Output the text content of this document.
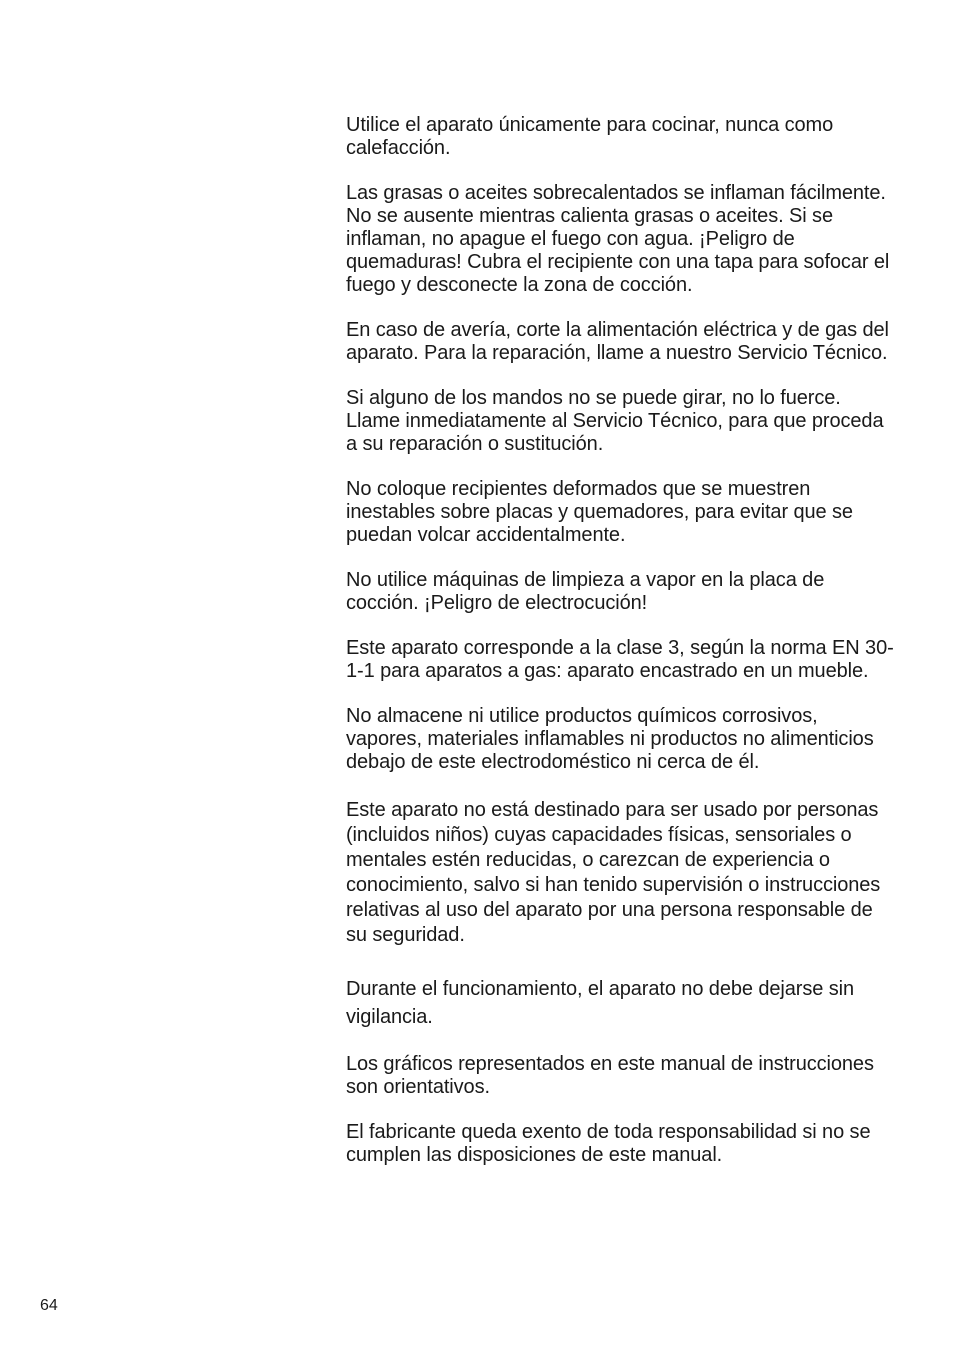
Utilice el aparato únicamente para cocinar, nunca como calefacción.

Las grasas o aceites sobrecalentados se inflaman fácilmente. No se ausente mientras calienta grasas o aceites. Si se inflaman, no apague el fuego con agua. ¡Peligro de quemaduras! Cubra el recipiente con una tapa para sofocar el fuego y desconecte la zona de cocción.

En caso de avería, corte la alimentación eléctrica y de gas del aparato. Para la reparación, llame a nuestro Servicio Técnico.

Si alguno de los mandos no se puede girar, no lo fuerce. Llame inmediatamente al Servicio Técnico, para que proceda a su reparación o sustitución.

No coloque recipientes deformados que se muestren inestables sobre placas y quemadores, para evitar que se puedan volcar accidentalmente.

No utilice máquinas de limpieza a vapor en la placa de cocción. ¡Peligro de electrocución!

Este aparato corresponde a la clase 3, según la norma EN 30-1-1 para aparatos a gas: aparato encastrado en un mueble.

No almacene ni utilice productos químicos corrosivos, vapores, materiales inflamables ni productos no alimenticios debajo de este electrodoméstico ni cerca de él.

Este aparato no está destinado para ser usado por personas (incluidos niños) cuyas capacidades físicas, sensoriales o mentales estén reducidas, o carezcan de experiencia o conocimiento, salvo si han tenido supervisión o instrucciones relativas al uso del aparato por una persona responsable de su seguridad.

Durante el funcionamiento, el aparato no debe dejarse sin vigilancia.

Los gráficos representados en este manual de instrucciones son orientativos.

El fabricante queda exento de toda responsabilidad si no se cumplen las disposiciones de este manual.

64
